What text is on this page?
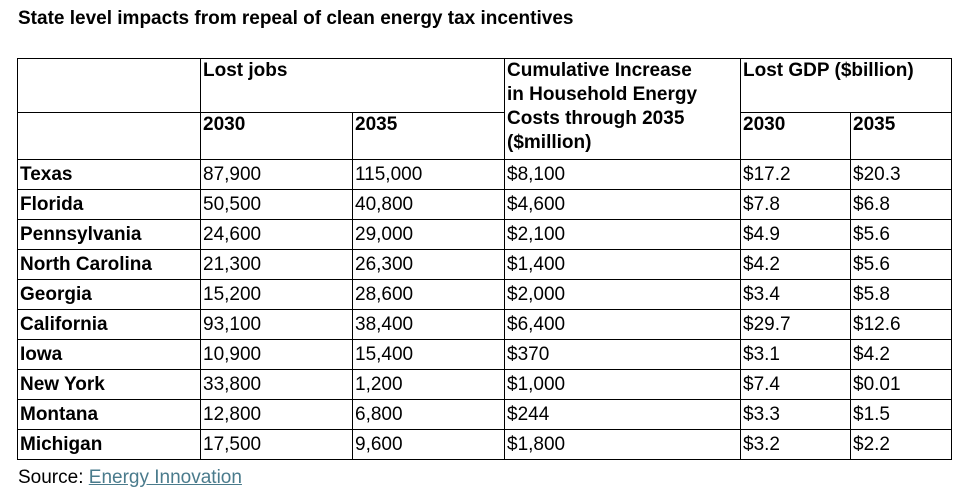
State level impacts from repeal of clean energy tax incentives
	Lost jobs		Cumulative Increase
in Household Energy
Costs through 2035
($million)	Lost GDP ($billion)	
	2030	2035		2030	2035
Texas	87,900	115,000	$8,100	$17.2	$20.3
Florida	50,500	40,800	$4,600	$7.8	$6.8
Pennsylvania	24,600	29,000	$2,100	$4.9	$5.6
North Carolina	21,300	26,300	$1,400	$4.2	$5.6
Georgia	15,200	28,600	$2,000	$3.4	$5.8
California	93,100	38,400	$6,400	$29.7	$12.6
Iowa	10,900	15,400	$370	$3.1	$4.2
New York	33,800	1,200	$1,000	$7.4	$0.01
Montana	12,800	6,800	$244	$3.3	$1.5
Michigan	17,500	9,600	$1,800	$3.2	$2.2
Source: Energy Innovation
